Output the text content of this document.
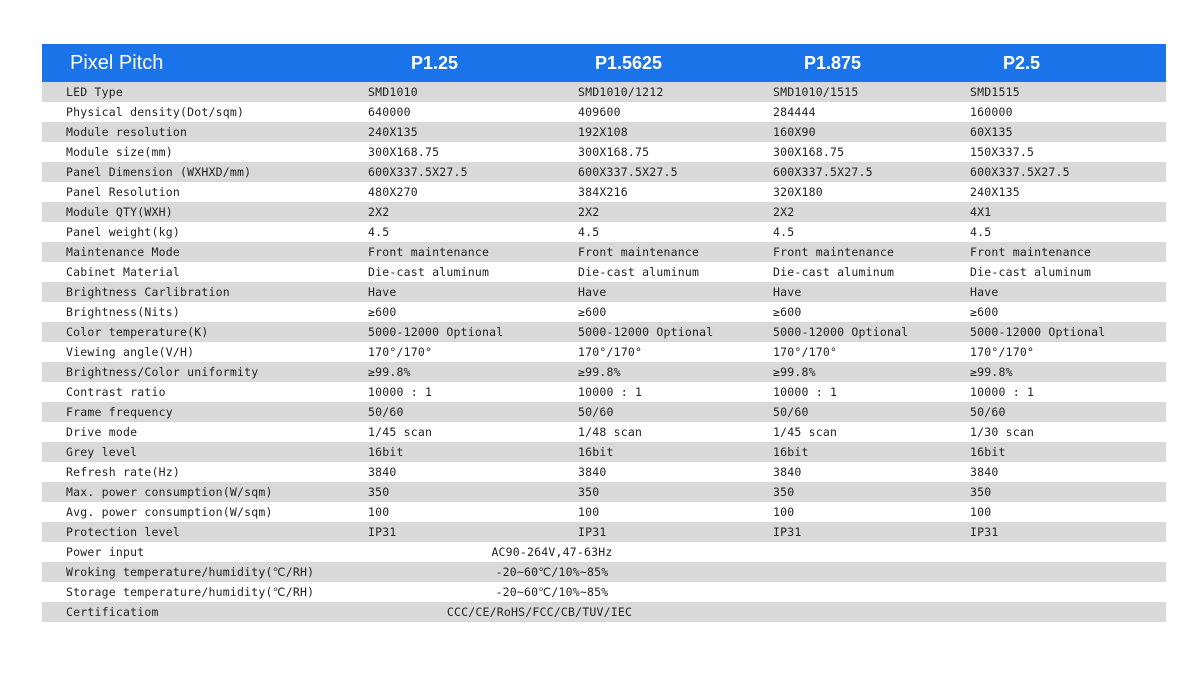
Pixel Pitch	P1.25	P1.5625	P1.875	P2.5
LED Type	SMD1010	SMD1010/1212	SMD1010/1515	SMD1515
Physical density(Dot/sqm)	640000	409600	284444	160000
Module resolution	240X135	192X108	160X90	60X135
Module size(mm)	300X168.75	300X168.75	300X168.75	150X337.5
Panel Dimension (WXHXD/mm)	600X337.5X27.5	600X337.5X27.5	600X337.5X27.5	600X337.5X27.5
Panel Resolution	480X270	384X216	320X180	240X135
Module QTY(WXH)	2X2	2X2	2X2	4X1
Panel weight(kg)	4.5	4.5	4.5	4.5
Maintenance Mode	Front maintenance	Front maintenance	Front maintenance	Front maintenance
Cabinet Material	Die-cast aluminum	Die-cast aluminum	Die-cast aluminum	Die-cast aluminum
Brightness Carlibration	Have	Have	Have	Have
Brightness(Nits)	≥600	≥600	≥600	≥600
Color temperature(K)	5000-12000 Optional	5000-12000 Optional	5000-12000 Optional	5000-12000 Optional
Viewing angle(V/H)	170°/170°	170°/170°	170°/170°	170°/170°
Brightness/Color uniformity	≥99.8%	≥99.8%	≥99.8%	≥99.8%
Contrast ratio	10000 : 1	10000 : 1	10000 : 1	10000 : 1
Frame frequency	50/60	50/60	50/60	50/60
Drive mode	1/45 scan	1/48 scan	1/45 scan	1/30 scan
Grey level	16bit	16bit	16bit	16bit
Refresh rate(Hz)	3840	3840	3840	3840
Max. power consumption(W/sqm)	350	350	350	350
Avg. power consumption(W/sqm)	100	100	100	100
Protection level	IP31	IP31	IP31	IP31
Power input	AC90-264V,47-63Hz
Wroking temperature/humidity(℃/RH)	-20~60℃/10%~85%
Storage temperature/humidity(℃/RH)	-20~60℃/10%~85%
Certificatiom	CCC/CE/RoHS/FCC/CB/TUV/IEC
